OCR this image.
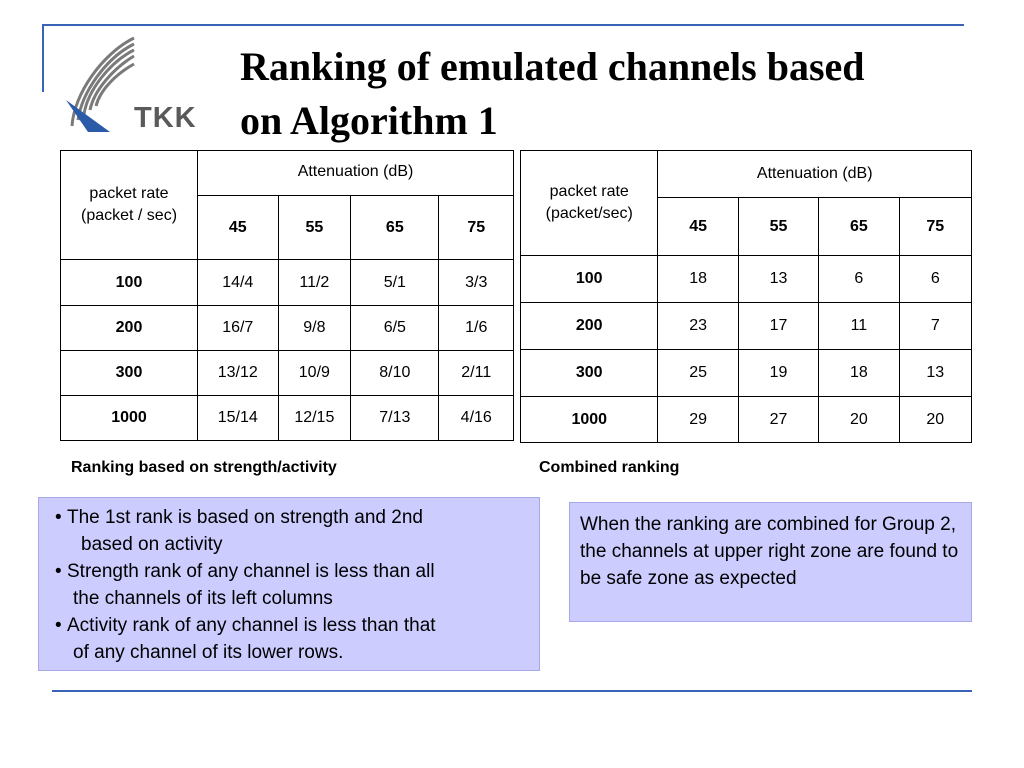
TKK
Ranking of emulated channels based
on Algorithm 1
packet rate
(packet / sec)	Attenuation (dB)			
	45	55	65	75
100	14/4	11/2	5/1	3/3
200	16/7	9/8	6/5	1/6
300	13/12	10/9	8/10	2/11
1000	15/14	12/15	7/13	4/16
packet rate
(packet/sec)	Attenuation (dB)			
	45	55	65	75
100	18	13	6	6
200	23	17	11	7
300	25	19	18	13
1000	29	27	20	20
Ranking based on strength/activity	Combined ranking
• The 1st rank is based on strength and 2nd
based on activity
• Strength rank of any channel is less than all
the channels of its left columns
• Activity rank of any channel is less than that
of any channel of its lower rows.
When the ranking are combined for Group 2, the channels at upper right zone are found to be safe zone as expected
